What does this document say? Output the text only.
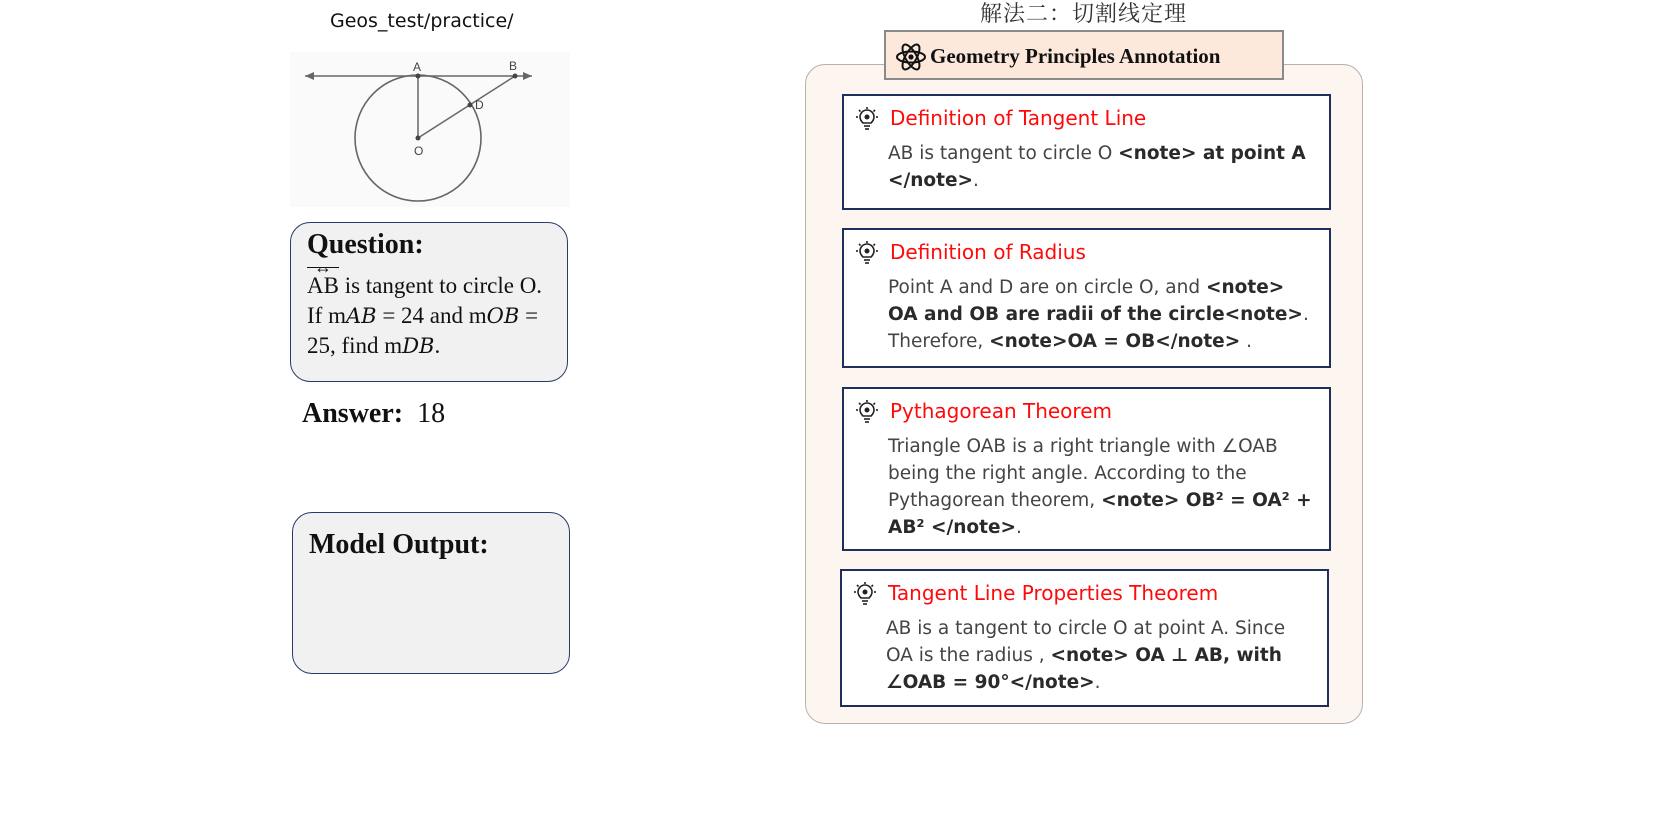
Geos_test/practice/
A	B
D
O
Question:
AB ↔ is tangent to circle O. If mAB = 24 and mOB = 25, find mDB.
Answer: 18
Model Output:
解法二：切割线定理
Geometry Principles Annotation
Definition of Tangent Line
AB is tangent to circle O <note> at point A </note>.
Definition of Radius
Point A and D are on circle O, and <note> OA and OB are radii of the circle<note>. Therefore, <note>OA = OB</note> .
Pythagorean Theorem
Triangle OAB is a right triangle with ∠OAB being the right angle. According to the Pythagorean theorem, <note> OB² = OA² + AB² </note>.
Tangent Line Properties Theorem
AB is a tangent to circle O at point A. Since OA is the radius , <note> OA ⊥ AB, with ∠OAB = 90°</note>.
